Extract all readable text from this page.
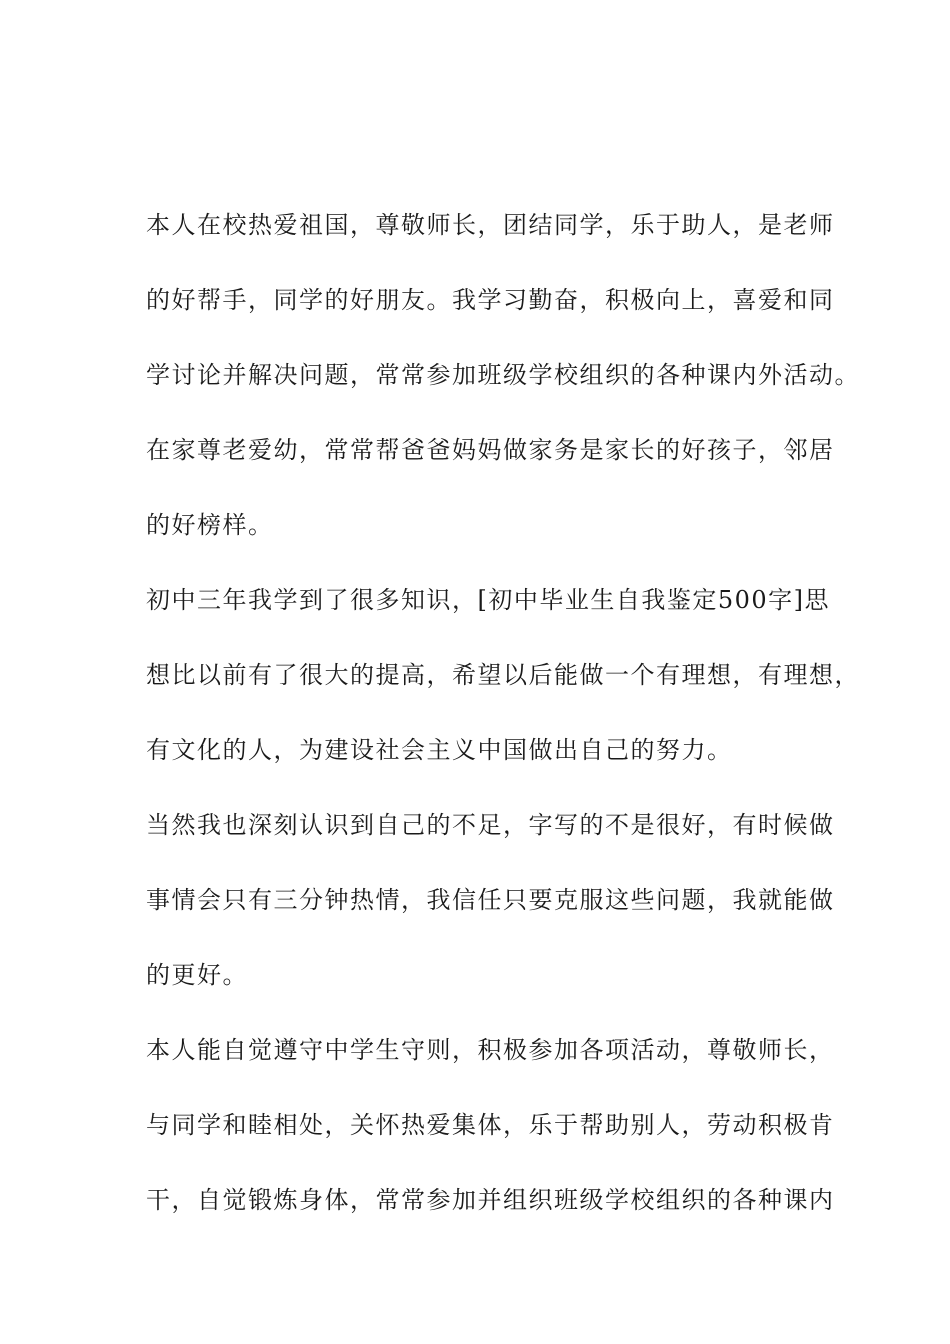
本人在校热爱祖国，尊敬师长，团结同学，乐于助人，是老师
的好帮手，同学的好朋友。我学习勤奋，积极向上，喜爱和同
学讨论并解决问题，常常参加班级学校组织的各种课内外活动。
在家尊老爱幼，常常帮爸爸妈妈做家务是家长的好孩子，邻居
的好榜样。
初中三年我学到了很多知识，[初中毕业生自我鉴定500字]思
想比以前有了很大的提高，希望以后能做一个有理想，有理想，
有文化的人，为建设社会主义中国做出自己的努力。
当然我也深刻认识到自己的不足，字写的不是很好，有时候做
事情会只有三分钟热情，我信任只要克服这些问题，我就能做
的更好。
本人能自觉遵守中学生守则，积极参加各项活动，尊敬师长，
与同学和睦相处，关怀热爱集体，乐于帮助别人，劳动积极肯
干，自觉锻炼身体，常常参加并组织班级学校组织的各种课内
